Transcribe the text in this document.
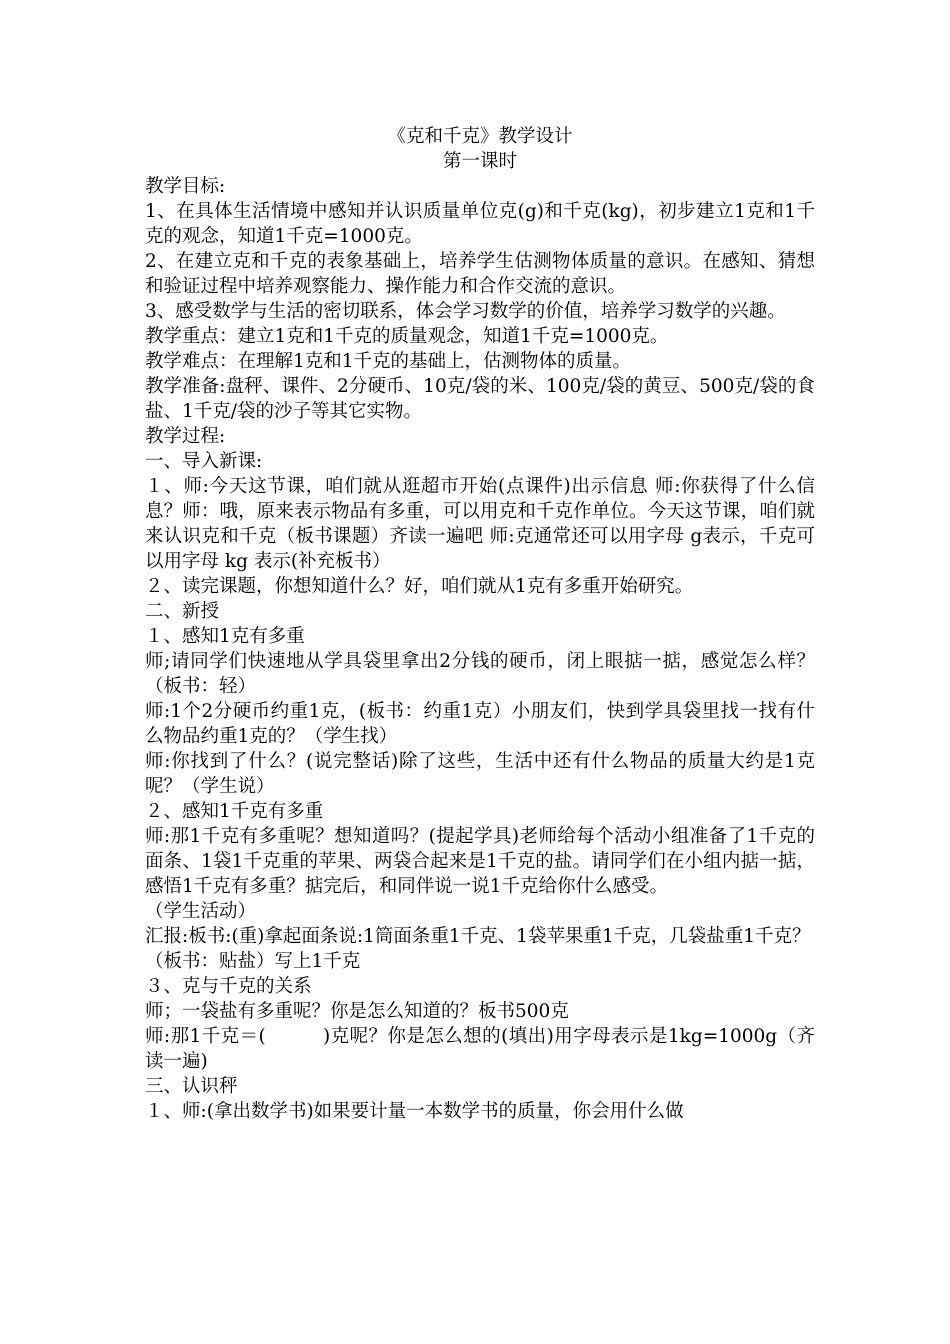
《克和千克》教学设计
第一课时

教学目标:

1、在具体生活情境中感知并认识质量单位克(g)和千克(kg)，初步建立1克和1千克的观念，知道1千克=1000克。

2、在建立克和千克的表象基础上，培养学生估测物体质量的意识。在感知、猜想和验证过程中培养观察能力、操作能力和合作交流的意识。

3、感受数学与生活的密切联系，体会学习数学的价值，培养学习数学的兴趣。

教学重点：建立1克和1千克的质量观念，知道1千克=1000克。

教学难点：在理解1克和1千克的基础上，估测物体的质量。

教学准备:盘秤、课件、2分硬币、10克/袋的米、100克/袋的黄豆、500克/袋的食盐、1千克/袋的沙子等其它实物。

教学过程:

一、导入新课:

１、师:今天这节课，咱们就从逛超市开始(点课件)出示信息 师:你获得了什么信息？师：哦，原来表示物品有多重，可以用克和千克作单位。今天这节课，咱们就来认识克和千克（板书课题）齐读一遍吧 师:克通常还可以用字母 g表示，千克可以用字母 kg 表示(补充板书）

２、读完课题，你想知道什么？好，咱们就从1克有多重开始研究。

二、新授

１、感知1克有多重

师;请同学们快速地从学具袋里拿出2分钱的硬币，闭上眼掂一掂，感觉怎么样？（板书：轻）

师:1个2分硬币约重1克，(板书：约重1克）小朋友们，快到学具袋里找一找有什么物品约重1克的？（学生找）

师:你找到了什么？(说完整话)除了这些，生活中还有什么物品的质量大约是1克呢？（学生说）

２、感知1千克有多重

师:那1千克有多重呢？想知道吗？(提起学具)老师给每个活动小组准备了1千克的面条、1袋1千克重的苹果、两袋合起来是1千克的盐。请同学们在小组内掂一掂，感悟1千克有多重？掂完后，和同伴说一说1千克给你什么感受。

（学生活动）

汇报:板书:(重)拿起面条说:1筒面条重1千克、1袋苹果重1千克，几袋盐重1千克？

（板书：贴盐）写上1千克

３、克与千克的关系

师；一袋盐有多重呢？你是怎么知道的？板书500克

师:那1千克＝(　　　)克呢？你是怎么想的(填出)用字母表示是1kg=1000g（齐读一遍)

三、认识秤

１、师:(拿出数学书)如果要计量一本数学书的质量，你会用什么做
